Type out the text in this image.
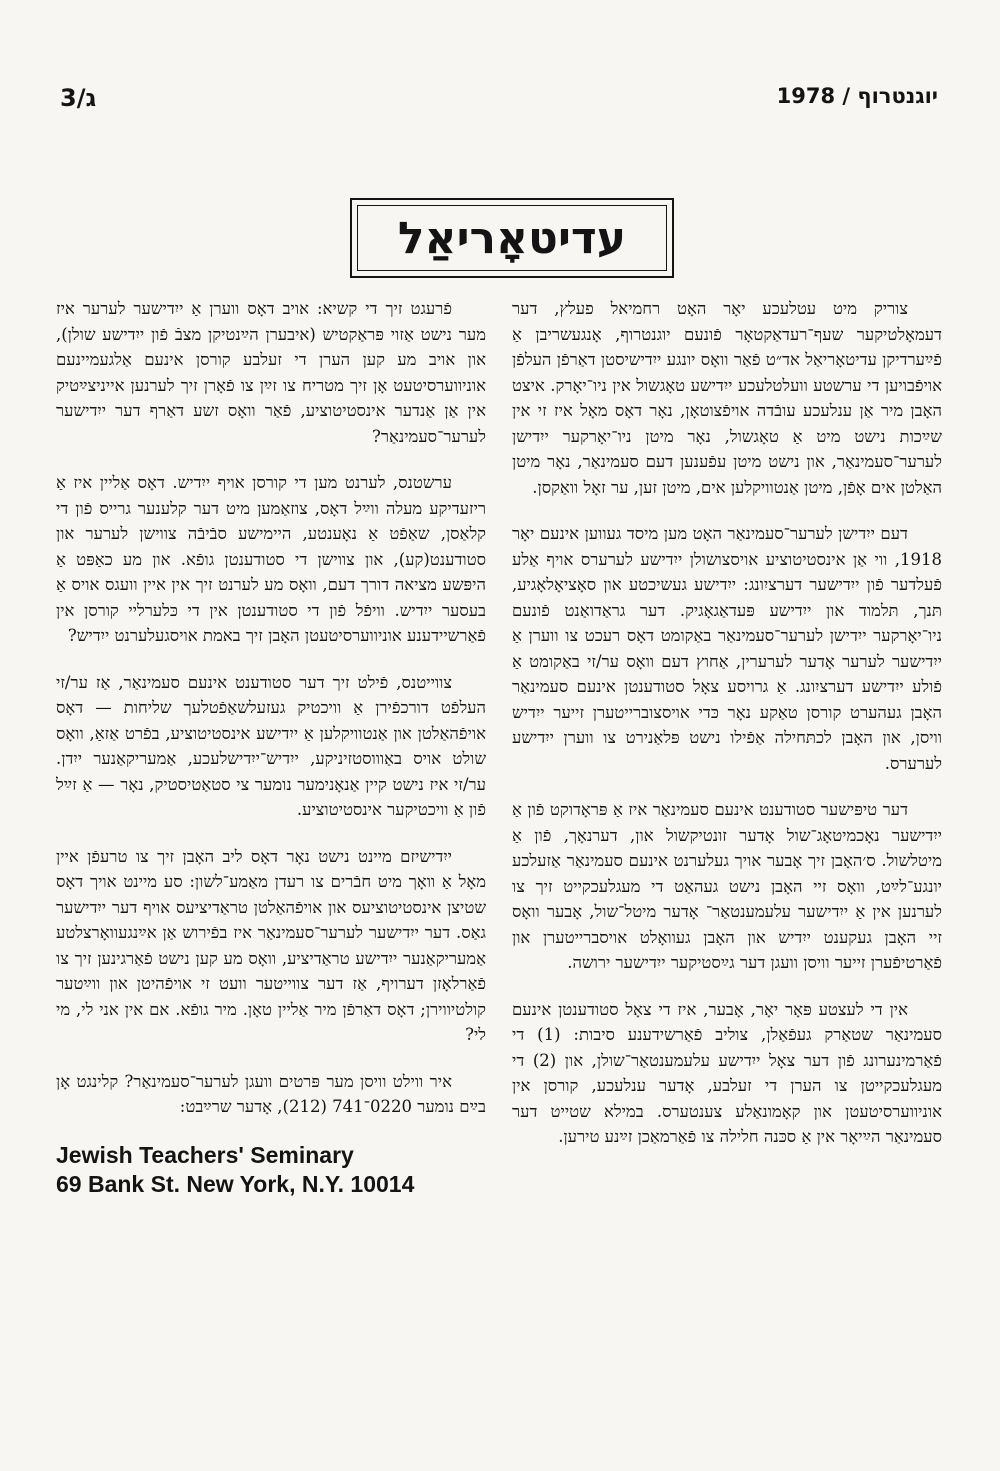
ג/3	יוגנטרוף / 1978
עדיטאָריאַל

צוריק מיט עטלעכע יאָר האָט רחמיאל פעלץ, דער דעמאָלטיקער שעף־רעדאַקטאָר פֿונעם יוגנטרוף, אָנגעשריבן אַ פֿײַערדיקן עדיטאָריאַל אד״ט פֿאַר וואָס יונגע ייִדישיסטן דאַרפֿן העלפֿן אויפֿבויען די ערשטע וועלטלעכע ייִדישע טאָגשול אין ניו־יאָרק. איצט האָבן מיר אַן ענלעכע עובֿדה אויפֿצוטאָן, נאָר דאָס מאָל איז זי אין שײַכות נישט מיט אַ טאָגשול, נאָר מיטן ניו־יאָרקער ייִדישן לערער־סעמינאַר, און נישט מיטן עפֿענען דעם סעמינאַר, נאָר מיטן האַלטן אים אָפֿן, מיטן אַנטוויקלען אים, מיטן זען, ער זאָל וואַקסן.

דעם ייִדישן לערער־סעמינאַר האָט מען מיסד געווען אינעם יאָר 1918, ווי אַן אינסטיטוציע אויסצושולן ייִדישע לערערס אויף אַלע פֿעלדער פֿון ייִדישער דערציִונג: ייִדישע געשיכטע און סאָציאָלאָגיע, תּנך, תּלמוד און ייִדישע פּעדאַגאָגיק. דער גראַדואַנט פֿונעם ניו־יאָרקער ייִדישן לערער־סעמינאַר באַקומט דאָס רעכט צו ווערן אַ ייִדישער לערער אָדער לערערין, אַחוץ דעם וואָס ער/זי באַקומט אַ פֿולע ייִדישע דערציִונג. אַ גרויסע צאָל סטודענטן אינעם סעמינאַר האָבן געהערט קורסן טאַקע נאָר כּדי אויסצוברייטערן זייער ייִדיש וויסן, און האָבן לכתּחילה אַפֿילו נישט פּלאַנירט צו ווערן ייִדישע לערערס.

דער טיפּישער סטודענט אינעם סעמינאַר איז אַ פּראָדוקט פֿון אַ ייִדישער נאָכמיטאָג־שול אָדער זונטיקשול און, דערנאָך, פֿון אַ מיטלשול. ס׳האָבן זיך אָבער אויך געלערנט אינעם סעמינאַר אַזעלכע יונגע־לײַט, וואָס זיי האָבן נישט געהאַט די מעגלעכקייט זיך צו לערנען אין אַ ייִדישער עלעמענטאַר־ אָדער מיטל־שול, אָבער וואָס זיי האָבן געקענט ייִדיש און האָבן געוואָלט אויסברייטערן און פֿאַרטיפֿערן זייער וויסן וועגן דער גײַסטיקער ייִדישער ירושה.

אין די לעצטע פּאָר יאָר, אָבער, איז די צאָל סטודענטן אינעם סעמינאַר שטאַרק געפֿאַלן, צוליב פֿאַרשידענע סיבות: (1) די פֿאַרמינערונג פֿון דער צאָל ייִדישע עלעמענטאַר־שולן, און (2) די מעגלעכקייטן צו הערן די זעלבע, אָדער ענלעכע, קורסן אין אוניווערסיטעטן און קאָמונאַלע צענטערס. במילא שטייט דער סעמינאַר הײַיאָר אין אַ סכּנה חלילה צו פֿאַרמאַכן זײַנע טירען.

פֿרעגט זיך די קשיא: אויב דאָס ווערן אַ ייִדישער לערער איז מער נישט אַזוי פּראַקטיש (איבערן הײַנטיקן מצבֿ פֿון ייִדישע שולן), און אויב מע קען הערן די זעלבע קורסן אינעם אַלגעמיינעם אוניווערסיטעט אָן זיך מטריח צו זײַן צו פֿאָרן זיך לערנען אייניצײַטיק אין אַן אַנדער אינסטיטוציע, פֿאַר וואָס זשע דאַרף דער ייִדישער לערער־סעמינאַר?

ערשטנס, לערנט מען די קורסן אויף ייִדיש. דאָס אַליין איז אַ ריזעדיקע מעלה ווײַל דאָס, צוזאַמען מיט דער קלענער גרייס פֿון די קלאַסן, שאַפֿט אַ נאָענטע, היימישע סבֿיבֿה צווישן לערער און סטודענט(קע), און צווישן די סטודענטן גופֿא. און מע כאַפּט אַ היפּשע מציאה דורך דעם, וואָס מע לערנט זיך אין איין וועגס אויס אַ בעסער ייִדיש. וויפֿל פֿון די סטודענטן אין די כּלערליי קורסן אין פֿאַרשיידענע אוניווערסיטעטן האָבן זיך באמת אויסגעלערנט ייִדיש?

צווייטנס, פֿילט זיך דער סטודענט אינעם סעמינאַר, אַז ער/זי העלפֿט דורכפֿירן אַ וויכטיק געזעלשאַפֿטלעך שליחות — דאָס אויפֿהאַלטן און אַנטוויקלען אַ ייִדישע אינסטיטוציע, בפֿרט אַזאַ, וואָס שולט אויס באַוווסטזיניקע, ייִדיש־ייִדישלעכע, אַמעריקאַנער ייִדן. ער/זי איז נישט קיין אַנאָנימער נומער צי סטאַטיסטיק, נאָר — אַ זײַל פֿון אַ וויכטיקער אינסטיטוציע.

ייִדישיזם מיינט נישט נאָר דאָס ליב האָבן זיך צו טרעפֿן איין מאָל אַ וואָך מיט חבֿרים צו רעדן מאַמע־לשון: סע מיינט אויך דאָס שטיצן אינסטיטוציעס און אויפֿהאַלטן טראַדיציעס אויף דער ייִדישער גאַס. דער ייִדישער לערער־סעמינאַר איז בפֿירוש אַן אײַנגעוואָרצלטע אַמעריקאַנער ייִדישע טראַדיציע, וואָס מע קען נישט פֿאַרגינען זיך צו פֿאַרלאָזן דערויף, אַז דער צווייטער וועט זי אויפֿהיטן און ווײַטער קולטיווירן; דאָס דאַרפֿן מיר אַליין טאָן. מיר גופֿא. אם אין אני לי, מי לי?

איר ווילט וויסן מער פּרטים וועגן לערער־סעמינאַר? קלינגט אָן בײַם נומער 0220־741 (212), אָדער שרײַבט:

Jewish Teachers' Seminary
69 Bank St. New York, N.Y. 10014
